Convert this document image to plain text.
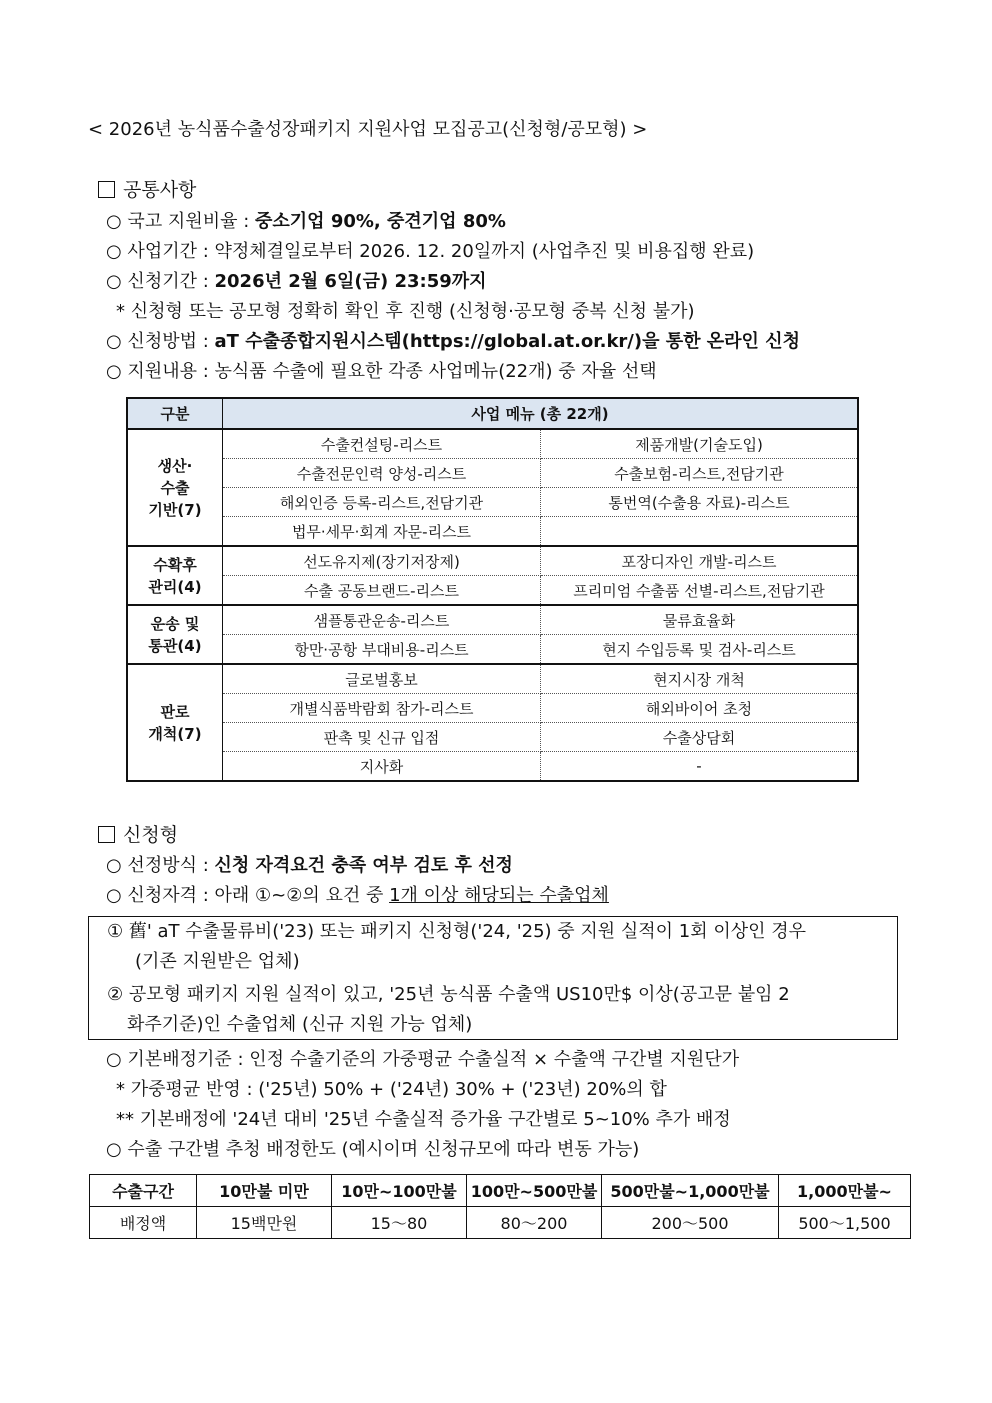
< 2026년 농식품수출성장패키지 지원사업 모집공고(신청형/공모형) >
공통사항
○ 국고 지원비율 : 중소기업 90%, 중견기업 80%
○ 사업기간 : 약정체결일로부터 2026. 12. 20일까지 (사업추진 및 비용집행 완료)
○ 신청기간 : 2026년 2월 6일(금) 23:59까지
* 신청형 또는 공모형 정확히 확인 후 진행 (신청형·공모형 중복 신청 불가)
○ 신청방법 : aT 수출종합지원시스템(https://global.at.or.kr/)을 통한 온라인 신청
○ 지원내용 : 농식품 수출에 필요한 각종 사업메뉴(22개) 중 자율 선택
구분	사업 메뉴 (총 22개)	

생산·
수출
기반(7)	수출컨설팅-리스트	제품개발(기술도입)
	수출전문인력 양성-리스트	수출보험-리스트,전담기관
	해외인증 등록-리스트,전담기관	통번역(수출용 자료)-리스트
	법무·세무·회계 자문-리스트	

수확후
관리(4)	선도유지제(장기저장제)	포장디자인 개발-리스트
	수출 공동브랜드-리스트	프리미엄 수출품 선별-리스트,전담기관

운송 및
통관(4)	샘플통관운송-리스트	물류효율화
	항만·공항 부대비용-리스트	현지 수입등록 및 검사-리스트

판로
개척(7)	글로벌홍보	현지시장 개척
	개별식품박람회 참가-리스트	해외바이어 초청
	판촉 및 신규 입점	수출상담회
	지사화	-
신청형
○ 선정방식 : 신청 자격요건 충족 여부 검토 후 선정
○ 신청자격 : 아래 ①~②의 요건 중 1개 이상 해당되는 수출업체
① 舊' aT 수출물류비('23) 또는 패키지 신청형('24, '25) 중 지원 실적이 1회 이상인 경우
(기존 지원받은 업체)
② 공모형 패키지 지원 실적이 있고, '25년 농식품 수출액 US10만$ 이상(공고문 붙임 2
화주기준)인 수출업체 (신규 지원 가능 업체)
○ 기본배정기준 : 인정 수출기준의 가중평균 수출실적 × 수출액 구간별 지원단가
* 가중평균 반영 : ('25년) 50% + ('24년) 30% + ('23년) 20%의 합
** 기본배정에 '24년 대비 '25년 수출실적 증가율 구간별로 5~10% 추가 배정
○ 수출 구간별 추청 배정한도 (예시이며 신청규모에 따라 변동 가능)
수출구간	10만불 미만	10만~100만불	100만~500만불	500만불~1,000만불	1,000만불~
배정액	15백만원	15～80	80～200	200～500	500～1,500
